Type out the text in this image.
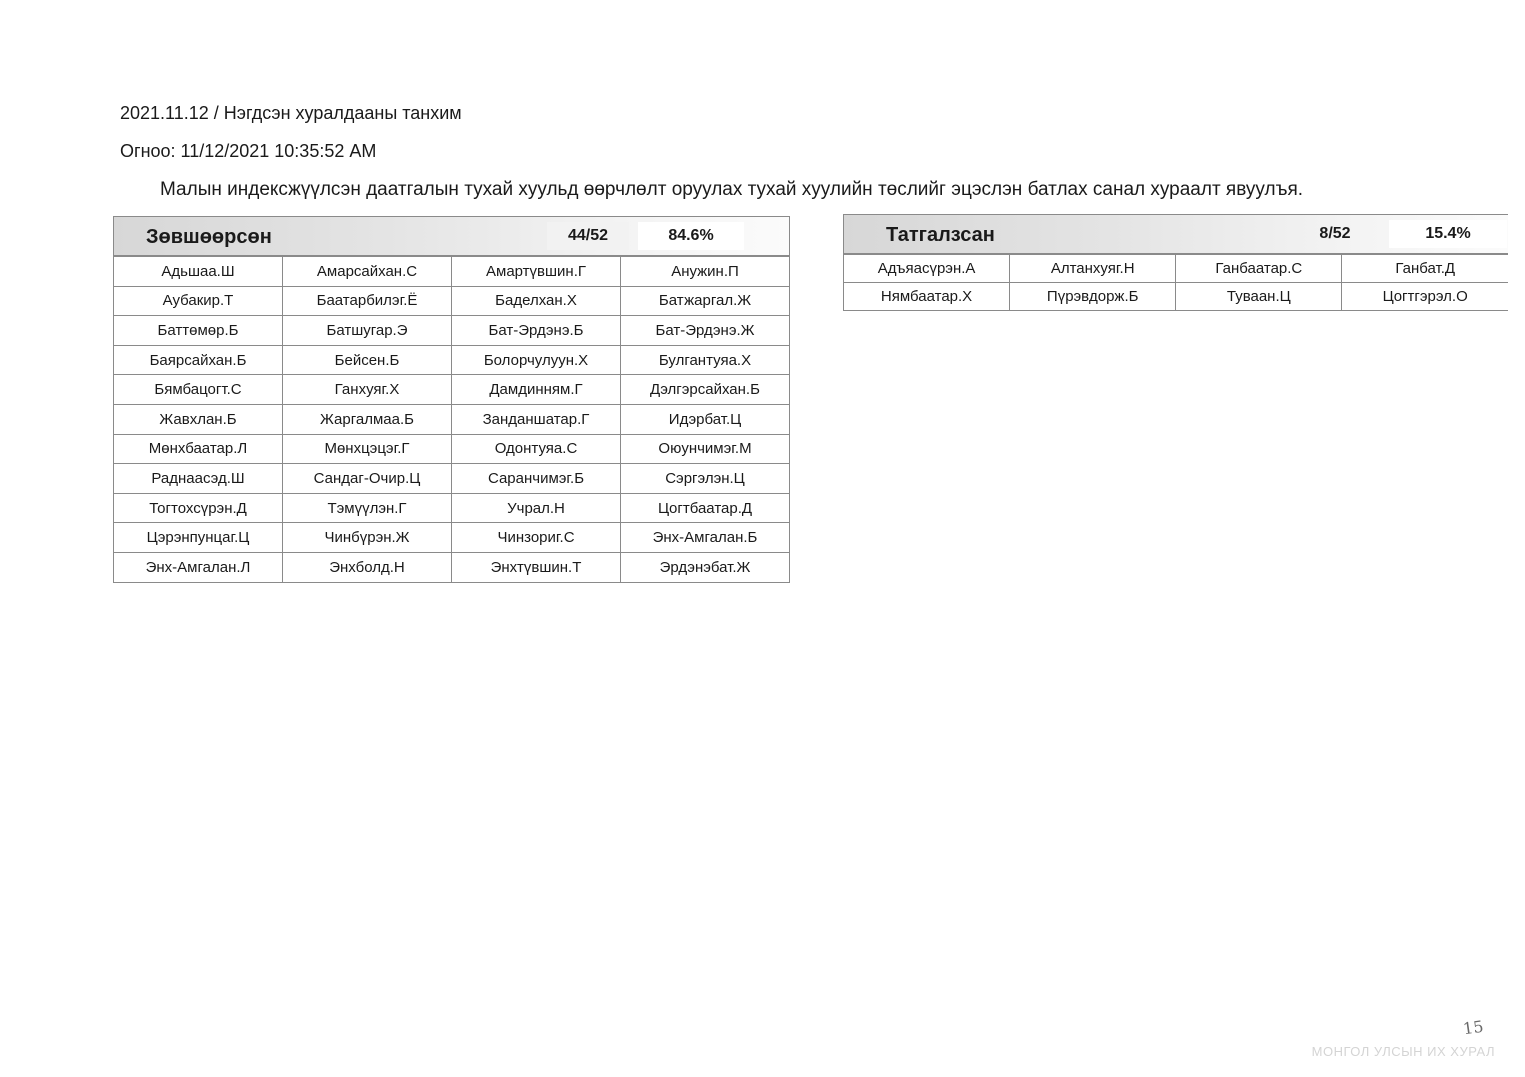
2021.11.12 / Нэгдсэн хуралдааны танхим
Огноо: 11/12/2021 10:35:52 AM
Малын индексжүүлсэн даатгалын тухай хуульд өөрчлөлт оруулах тухай хуулийн төслийг эцэслэн батлах санал хураалт явуулъя.
Зөвшөөрсөн	44/52	84.6%
Адьшаа.Ш	Амарсайхан.С	Амартүвшин.Г	Анужин.П
Аубакир.Т	Баатарбилэг.Ё	Баделхан.Х	Батжаргал.Ж
Баттөмөр.Б	Батшугар.Э	Бат-Эрдэнэ.Б	Бат-Эрдэнэ.Ж
Баярсайхан.Б	Бейсен.Б	Болорчулуун.Х	Булгантуяа.Х
Бямбацогт.С	Ганхуяг.Х	Дамдинням.Г	Дэлгэрсайхан.Б
Жавхлан.Б	Жаргалмаа.Б	Занданшатар.Г	Идэрбат.Ц
Мөнхбаатар.Л	Мөнхцэцэг.Г	Одонтуяа.С	Оюунчимэг.М
Раднаасэд.Ш	Сандаг-Очир.Ц	Саранчимэг.Б	Сэргэлэн.Ц
Тогтохсүрэн.Д	Тэмүүлэн.Г	Учрал.Н	Цогтбаатар.Д
Цэрэнпунцаг.Ц	Чинбүрэн.Ж	Чинзориг.С	Энх-Амгалан.Б
Энх-Амгалан.Л	Энхболд.Н	Энхтүвшин.Т	Эрдэнэбат.Ж
Татгалзсан	8/52	15.4%
Адъяасүрэн.А	Алтанхуяг.Н	Ганбаатар.С	Ганбат.Д
Нямбаатар.Х	Пүрэвдорж.Б	Туваан.Ц	Цогтгэрэл.О
15
МОНГОЛ УЛСЫН ИХ ХУРАЛ
